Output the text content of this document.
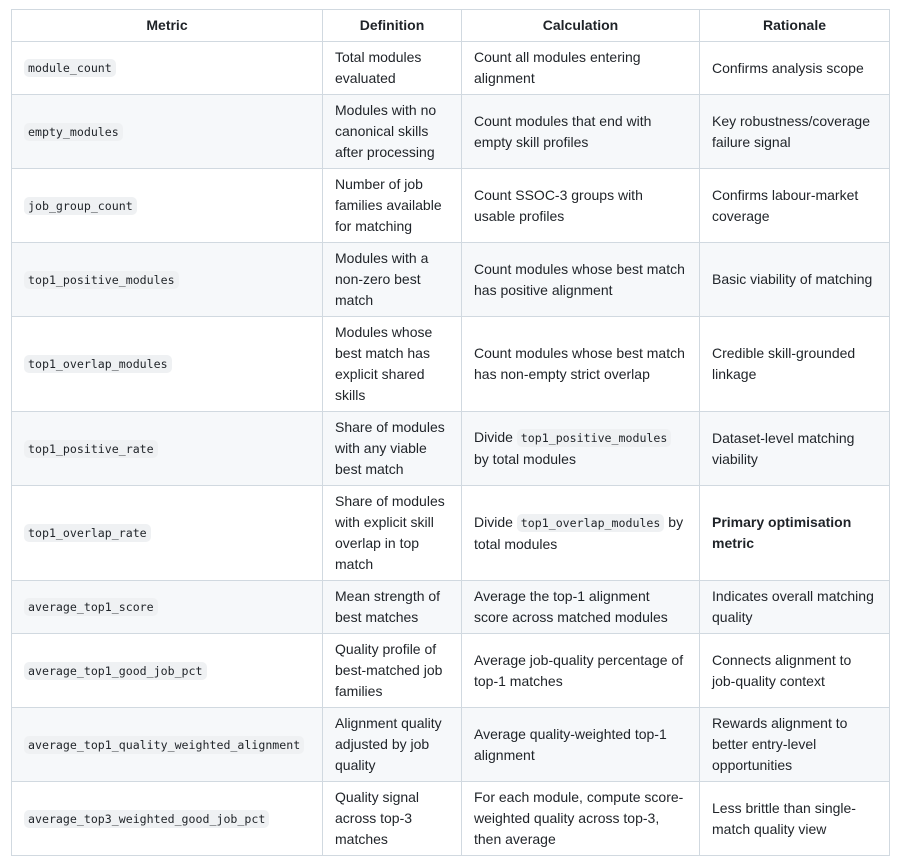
Metric	Definition	Calculation	Rationale
module_count	Total modules evaluated	Count all modules entering alignment	Confirms analysis scope
empty_modules	Modules with no canonical skills after processing	Count modules that end with empty skill profiles	Key robustness/coverage failure signal
job_group_count	Number of job families available for matching	Count SSOC-3 groups with usable profiles	Confirms labour-market coverage
top1_positive_modules	Modules with a non-zero best match	Count modules whose best match has positive alignment	Basic viability of matching
top1_overlap_modules	Modules whose best match has explicit shared skills	Count modules whose best match has non-empty strict overlap	Credible skill-grounded linkage
top1_positive_rate	Share of modules with any viable best match	Divide top1_positive_modules by total modules	Dataset-level matching viability
top1_overlap_rate	Share of modules with explicit skill overlap in top match	Divide top1_overlap_modules by total modules	Primary optimisation metric
average_top1_score	Mean strength of best matches	Average the top-1 alignment score across matched modules	Indicates overall matching quality
average_top1_good_job_pct	Quality profile of best-matched job families	Average job-quality percentage of top-1 matches	Connects alignment to job-quality context
average_top1_quality_weighted_alignment	Alignment quality adjusted by job quality	Average quality-weighted top-1 alignment	Rewards alignment to better entry-level opportunities
average_top3_weighted_good_job_pct	Quality signal across top-3 matches	For each module, compute score-weighted quality across top-3, then average	Less brittle than single-match quality view
